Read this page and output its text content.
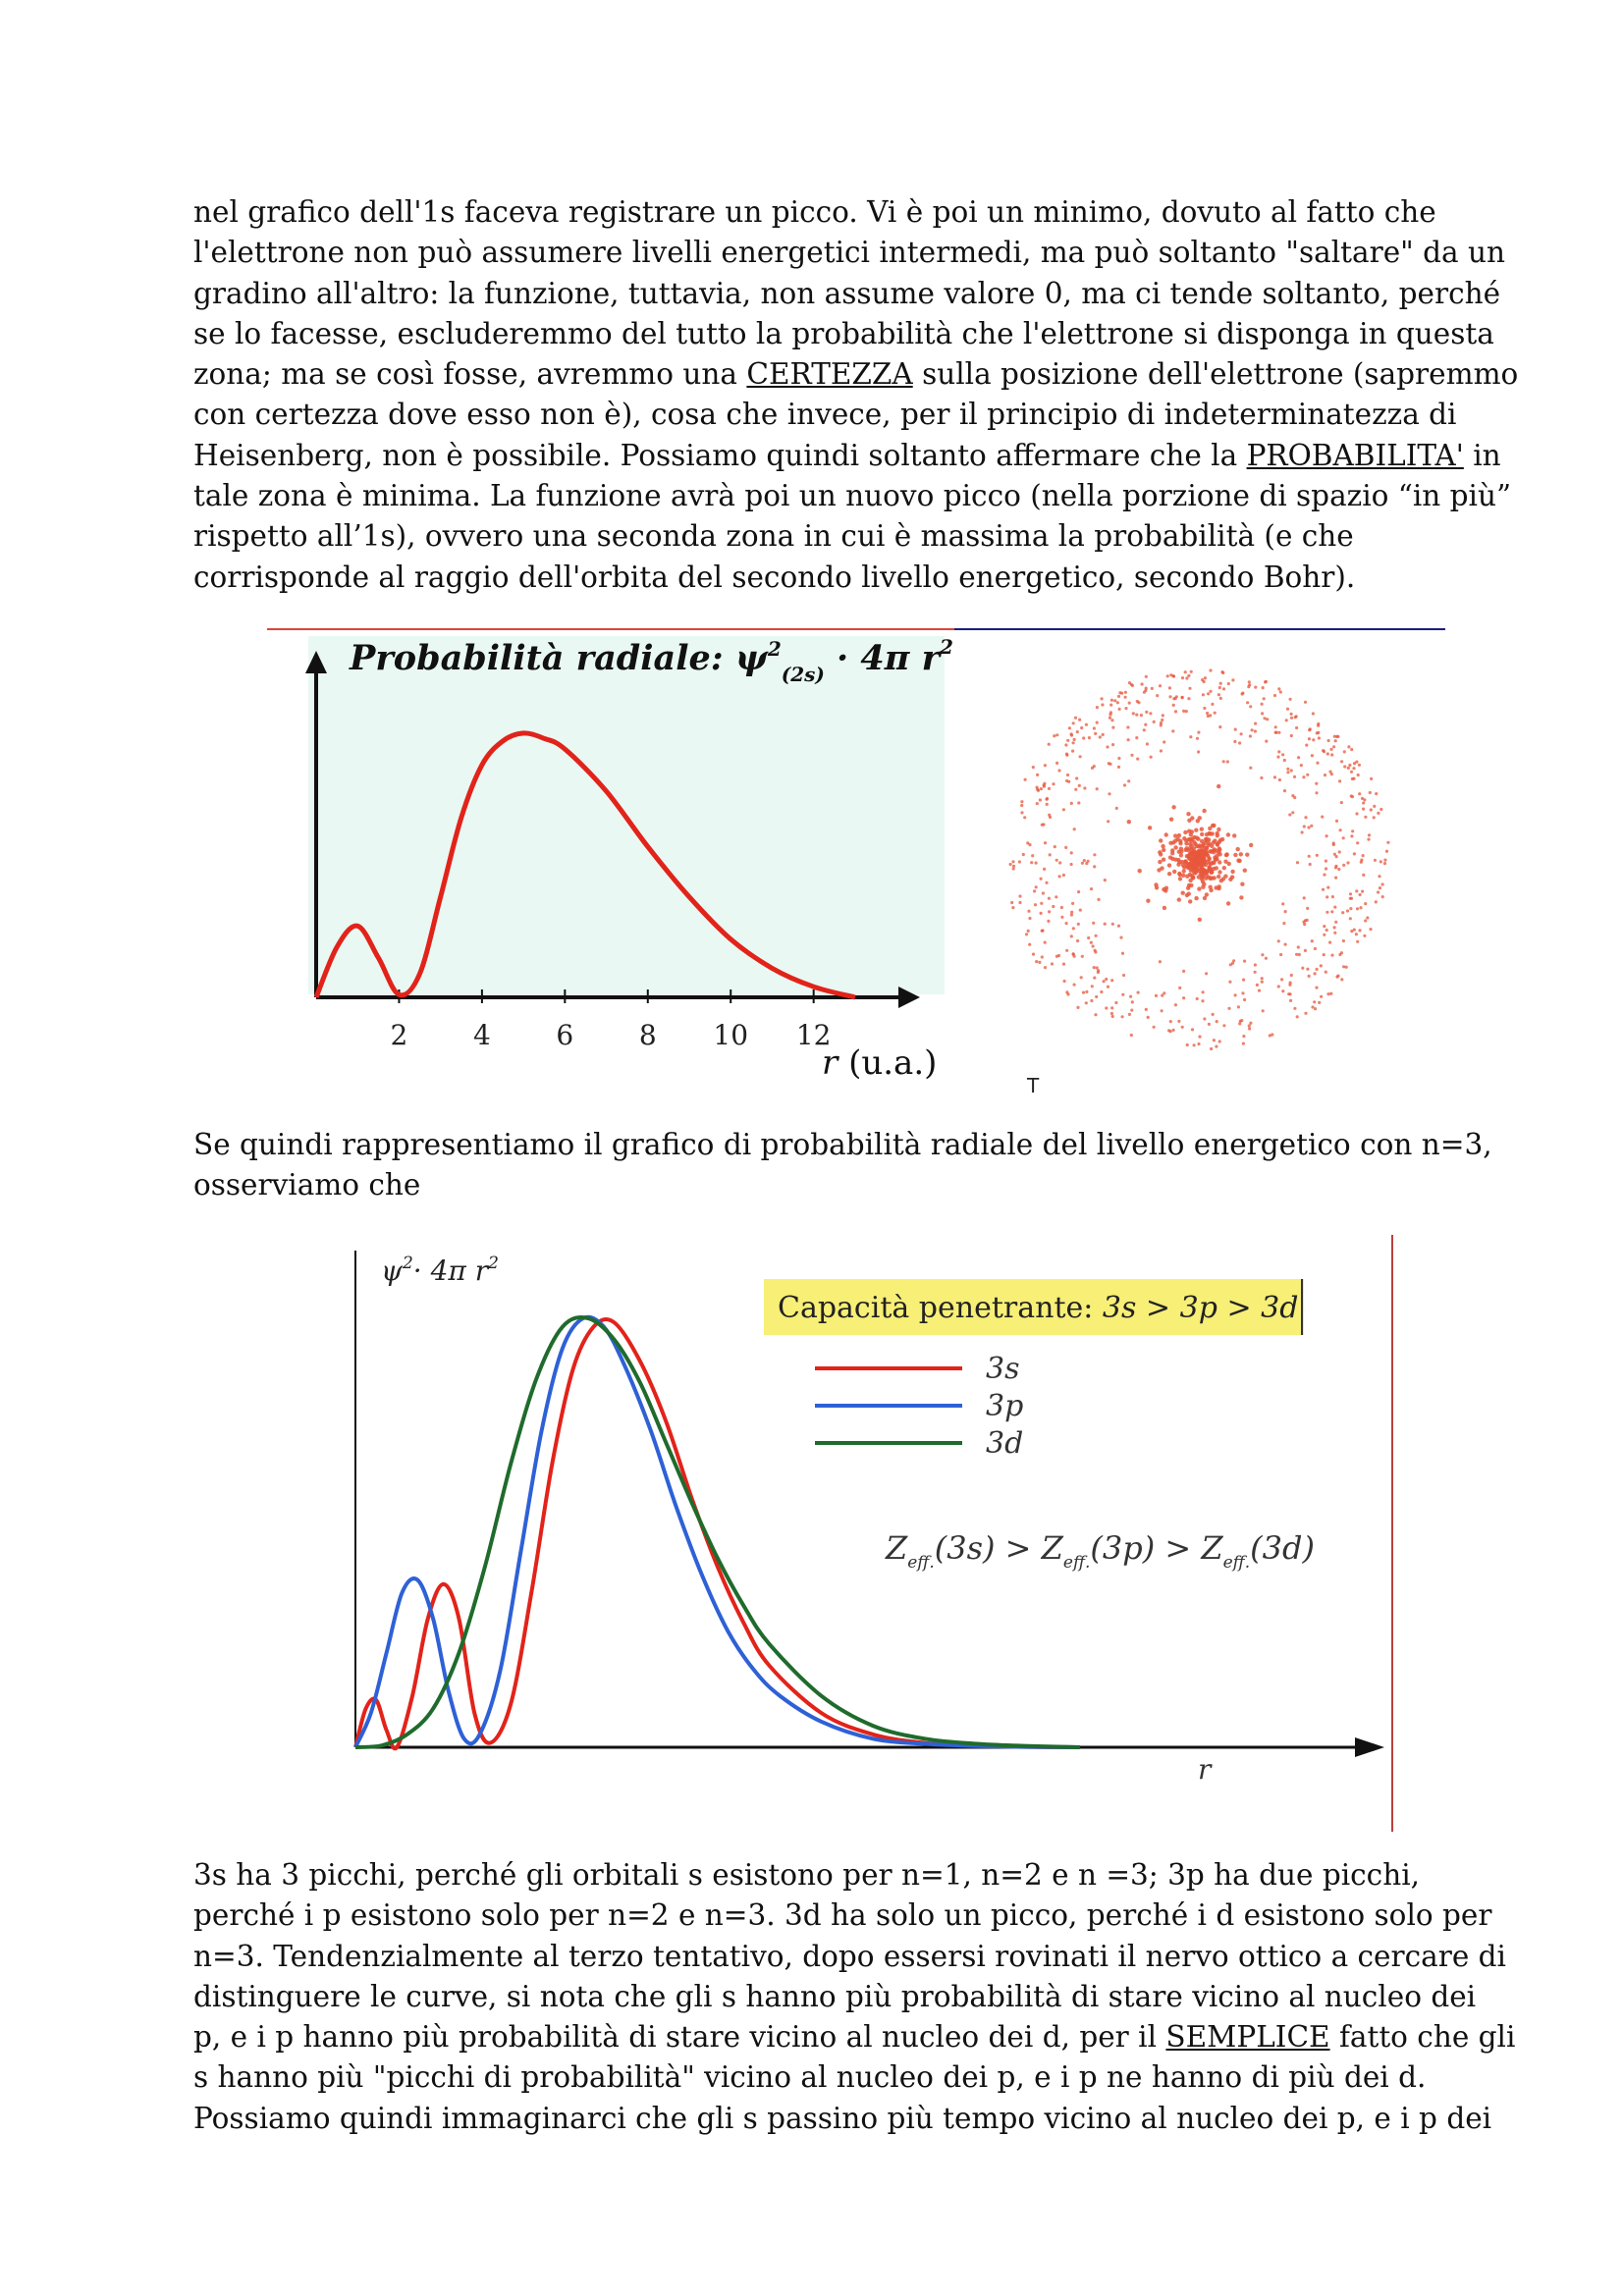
nel grafico dell'1s faceva registrare un picco. Vi è poi un minimo, dovuto al fatto che
l'elettrone non può assumere livelli energetici intermedi, ma può soltanto "saltare" da un
gradino all'altro: la funzione, tuttavia, non assume valore 0, ma ci tende soltanto, perché
se lo facesse, escluderemmo del tutto la probabilità che l'elettrone si disponga in questa
zona; ma se così fosse, avremmo una CERTEZZA sulla posizione dell'elettrone (sapremmo
con certezza dove esso non è), cosa che invece, per il principio di indeterminatezza di
Heisenberg, non è possibile. Possiamo quindi soltanto affermare che la PROBABILITA' in
tale zona è minima. La funzione avrà poi un nuovo picco (nella porzione di spazio “in più”
rispetto all’1s), ovvero una seconda zona in cui è massima la probabilità (e che
corrisponde al raggio dell'orbita del secondo livello energetico, secondo Bohr).
Probabilità radiale: $\psi^2_{(2s)} \cdot 4\pi$ $r^2$
2 4 6 8 10 12
r (u.a.)
T
Se quindi rappresentiamo il grafico di probabilità radiale del livello energetico con n=3,
osserviamo che
$\psi^2\cdot 4\pi$ $r^2$
Capacità penetrante: 3s > 3p > 3d
3s
3p
3d
$Z_{eff.}(3s) > Z_{eff.}(3p) > Z_{eff.}(3d)$
r
3s ha 3 picchi, perché gli orbitali s esistono per n=1, n=2 e n =3; 3p ha due picchi,
perché i p esistono solo per n=2 e n=3. 3d ha solo un picco, perché i d esistono solo per
n=3. Tendenzialmente al terzo tentativo, dopo essersi rovinati il nervo ottico a cercare di
distinguere le curve, si nota che gli s hanno più probabilità di stare vicino al nucleo dei
p, e i p hanno più probabilità di stare vicino al nucleo dei d, per il SEMPLICE fatto che gli
s hanno più "picchi di probabilità" vicino al nucleo dei p, e i p ne hanno di più dei d.
Possiamo quindi immaginarci che gli s passino più tempo vicino al nucleo dei p, e i p dei
